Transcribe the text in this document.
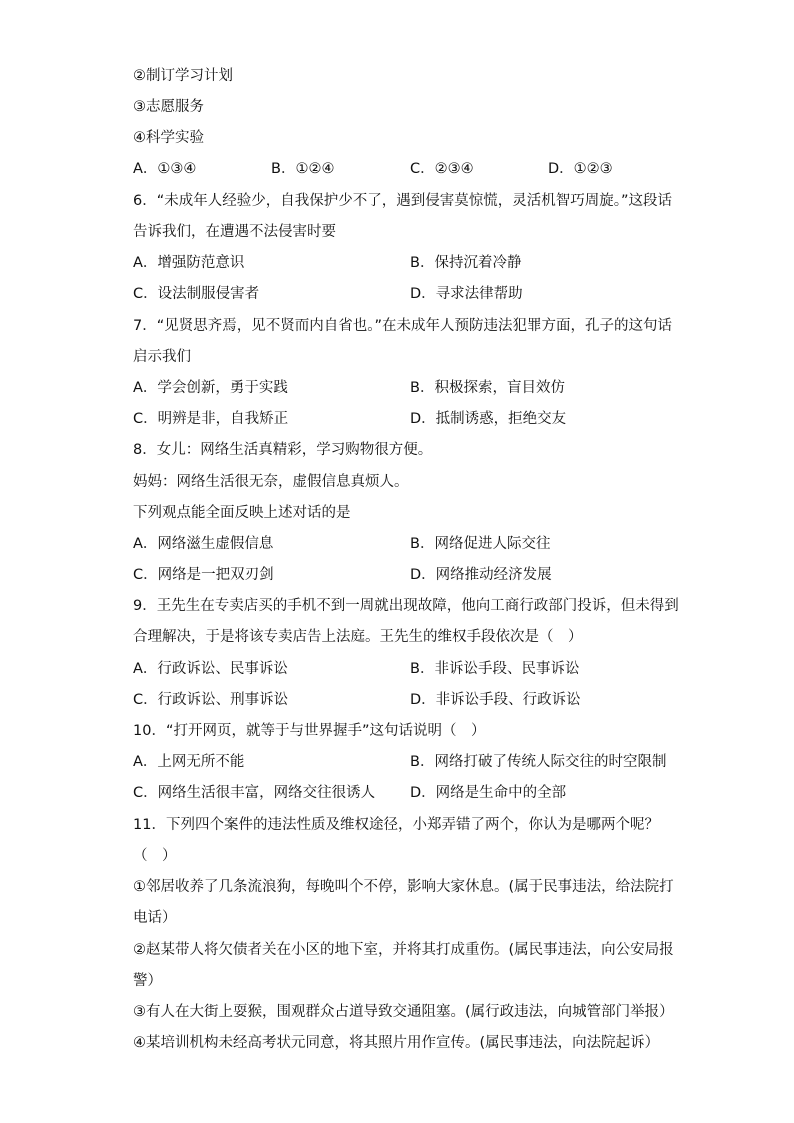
②制订学习计划
③志愿服务
④科学实验
A．①③④	B．①②④	C．②③④	D．①②③
6．“未成年人经验少，自我保护少不了，遇到侵害莫惊慌，灵活机智巧周旋。”这段话
告诉我们，在遭遇不法侵害时要
A．增强防范意识	B．保持沉着冷静
C．设法制服侵害者	D．寻求法律帮助
7．“见贤思齐焉，见不贤而内自省也。”在未成年人预防违法犯罪方面，孔子的这句话
启示我们
A．学会创新，勇于实践	B．积极探索，盲目效仿
C．明辨是非，自我矫正	D．抵制诱惑，拒绝交友
8．女儿：网络生活真精彩，学习购物很方便。
妈妈：网络生活很无奈，虚假信息真烦人。
下列观点能全面反映上述对话的是
A．网络滋生虚假信息	B．网络促进人际交往
C．网络是一把双刃剑	D．网络推动经济发展
9．王先生在专卖店买的手机不到一周就出现故障，他向工商行政部门投诉，但未得到
合理解决，于是将该专卖店告上法庭。王先生的维权手段依次是（　）
A．行政诉讼、民事诉讼	B．非诉讼手段、民事诉讼
C．行政诉讼、刑事诉讼	D．非诉讼手段、行政诉讼
10．“打开网页，就等于与世界握手”这句话说明（　）
A．上网无所不能	B．网络打破了传统人际交往的时空限制
C．网络生活很丰富，网络交往很诱人 D．网络是生命中的全部
11．下列四个案件的违法性质及维权途径，小郑弄错了两个，你认为是哪两个呢？
（　）
①邻居收养了几条流浪狗，每晚叫个不停，影响大家休息。(属于民事违法，给法院打
电话）
②赵某带人将欠债者关在小区的地下室，并将其打成重伤。(属民事违法，向公安局报
警）
③有人在大街上耍猴，围观群众占道导致交通阻塞。(属行政违法，向城管部门举报）
④某培训机构未经高考状元同意，将其照片用作宣传。(属民事违法，向法院起诉）
